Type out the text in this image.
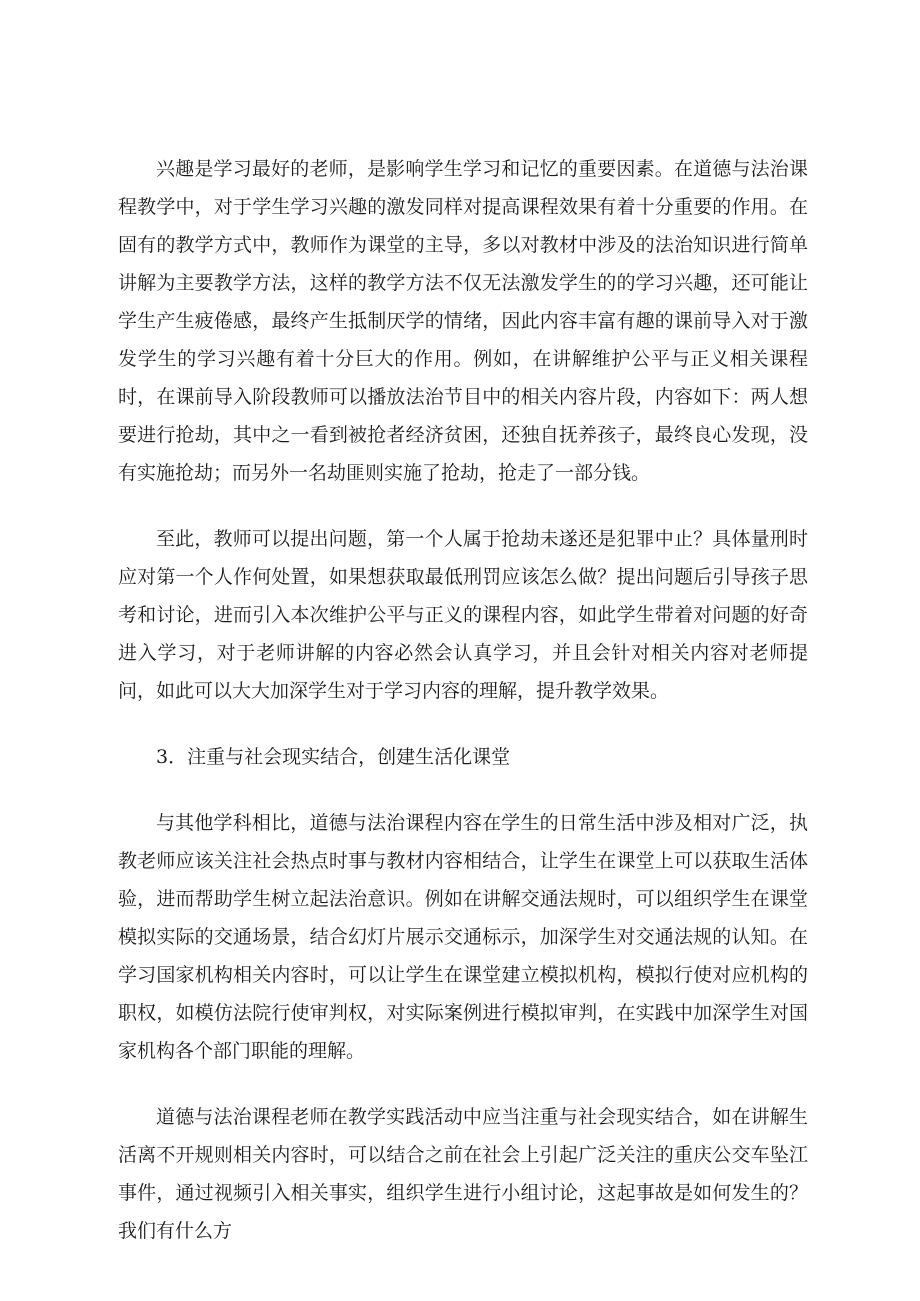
兴趣是学习最好的老师，是影响学生学习和记忆的重要因素。在道德与法治课程教学中，对于学生学习兴趣的激发同样对提高课程效果有着十分重要的作用。在固有的教学方式中，教师作为课堂的主导，多以对教材中涉及的法治知识进行简单讲解为主要教学方法，这样的教学方法不仅无法激发学生的的学习兴趣，还可能让学生产生疲倦感，最终产生抵制厌学的情绪，因此内容丰富有趣的课前导入对于激发学生的学习兴趣有着十分巨大的作用。例如，在讲解维护公平与正义相关课程时，在课前导入阶段教师可以播放法治节目中的相关内容片段，内容如下：两人想要进行抢劫，其中之一看到被抢者经济贫困，还独自抚养孩子，最终良心发现，没有实施抢劫；而另外一名劫匪则实施了抢劫，抢走了一部分钱。

至此，教师可以提出问题，第一个人属于抢劫未遂还是犯罪中止？具体量刑时应对第一个人作何处置，如果想获取最低刑罚应该怎么做？提出问题后引导孩子思考和讨论，进而引入本次维护公平与正义的课程内容，如此学生带着对问题的好奇进入学习，对于老师讲解的内容必然会认真学习，并且会针对相关内容对老师提问，如此可以大大加深学生对于学习内容的理解，提升教学效果。

3．注重与社会现实结合，创建生活化课堂

与其他学科相比，道德与法治课程内容在学生的日常生活中涉及相对广泛，执教老师应该关注社会热点时事与教材内容相结合，让学生在课堂上可以获取生活体验，进而帮助学生树立起法治意识。例如在讲解交通法规时，可以组织学生在课堂模拟实际的交通场景，结合幻灯片展示交通标示，加深学生对交通法规的认知。在学习国家机构相关内容时，可以让学生在课堂建立模拟机构，模拟行使对应机构的职权，如模仿法院行使审判权，对实际案例进行模拟审判，在实践中加深学生对国家机构各个部门职能的理解。

道德与法治课程老师在教学实践活动中应当注重与社会现实结合，如在讲解生活离不开规则相关内容时，可以结合之前在社会上引起广泛关注的重庆公交车坠江事件，通过视频引入相关事实，组织学生进行小组讨论，这起事故是如何发生的？我们有什么方
